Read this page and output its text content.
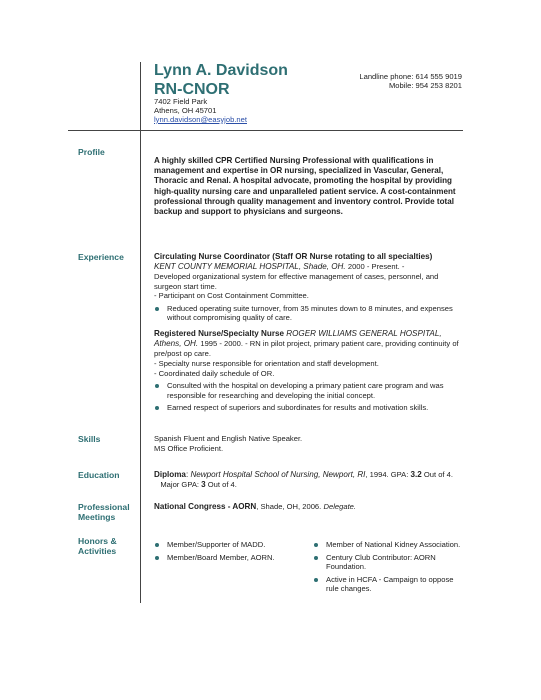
Lynn A. Davidson
RN-CNOR
7402 Field Park
Athens, OH 45701
lynn.davidson@easyjob.net
Landline phone: 614 555 9019
Mobile: 954 253 8201
Profile
Experience
Skills
Education
Professional Meetings
Honors & Activities
A highly skilled CPR Certified Nursing Professional with qualifications in management and expertise in OR nursing, specialized in Vascular, General, Thoracic and Renal. A hospital advocate, promoting the hospital by providing high-quality nursing care and unparalleled patient service. A cost-containment professional through quality management and inventory control. Provide total backup and support to physicians and surgeons.
Circulating Nurse Coordinator (Staff OR Nurse rotating to all specialties)
KENT COUNTY MEMORIAL HOSPITAL, Shade, OH. 2000 - Present. -
Developed organizational system for effective management of cases, personnel, and surgeon start time.
- Participant on Cost Containment Committee.
Reduced operating suite turnover, from 35 minutes down to 8 minutes, and expenses without compromising quality of care.
Registered Nurse/Specialty Nurse ROGER WILLIAMS GENERAL HOSPITAL, Athens, OH. 1995 - 2000. - RN in pilot project, primary patient care, providing continuity of pre/post op care.
- Specialty nurse responsible for orientation and staff development.
- Coordinated daily schedule of OR.
Consulted with the hospital on developing a primary patient care program and was responsible for researching and developing the initial concept.
Earned respect of superiors and subordinates for results and motivation skills.
Spanish Fluent and English Native Speaker.
MS Office Proficient.
Diploma: Newport Hospital School of Nursing, Newport, RI, 1994. GPA: 3.2 Out of 4.   Major GPA: 3 Out of 4.
National Congress - AORN, Shade, OH, 2006. Delegate.
Member/Supporter of MADD.
Member/Board Member, AORN.
Member of National Kidney Association.
Century Club Contributor: AORN Foundation.
Active in HCFA - Campaign to oppose rule changes.
